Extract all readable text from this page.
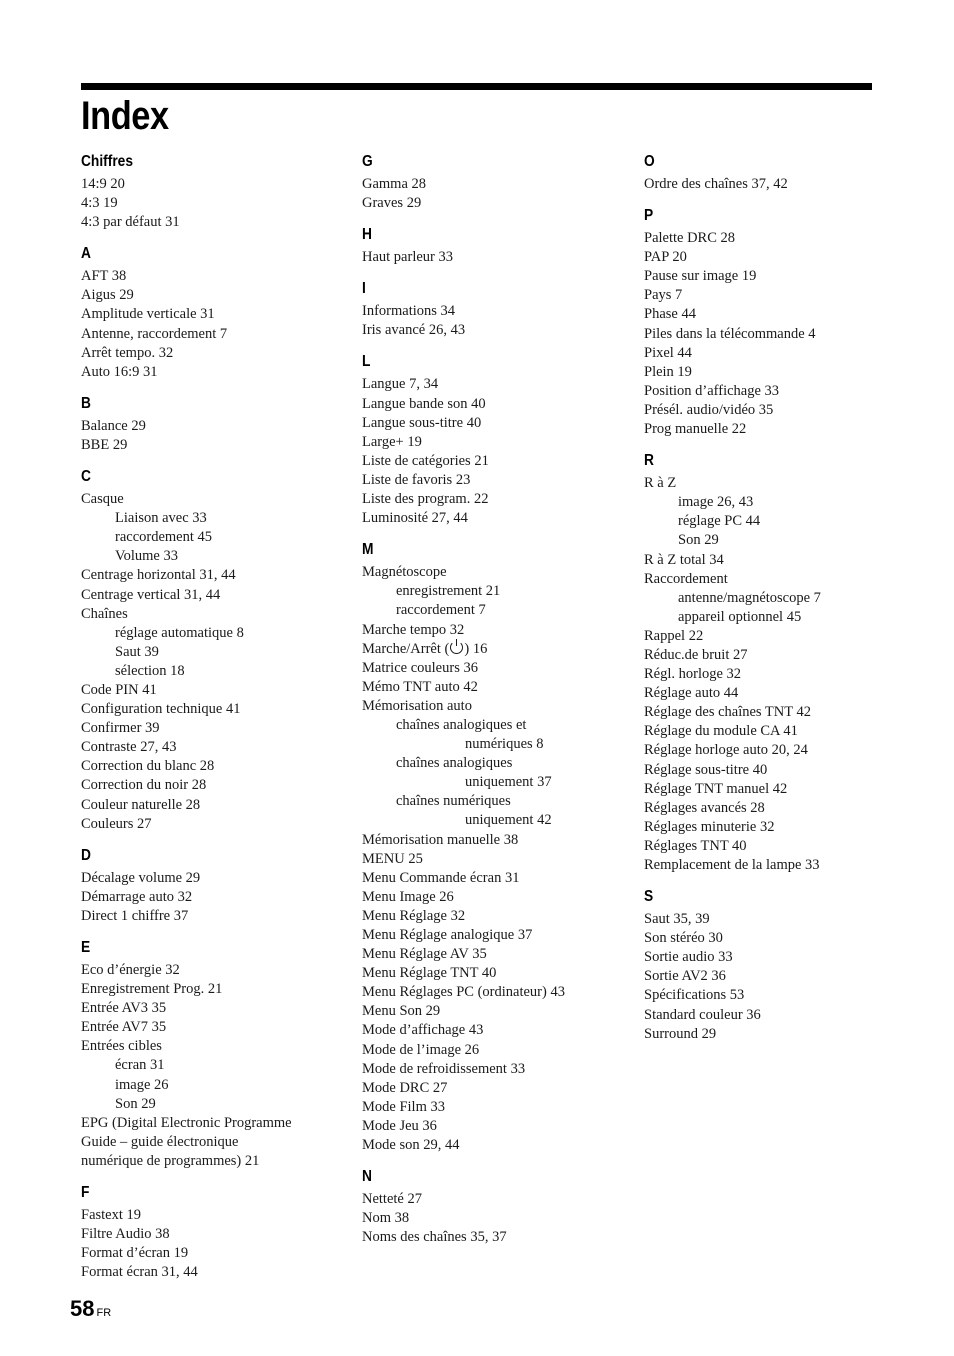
Index
Chiffres
14:9 20
4:3 19
4:3 par défaut 31
A
AFT 38
Aigus 29
Amplitude verticale 31
Antenne, raccordement 7
Arrêt tempo. 32
Auto 16:9 31
B
Balance 29
BBE 29
C
Casque
Liaison avec 33
raccordement 45
Volume 33
Centrage horizontal 31, 44
Centrage vertical 31, 44
Chaînes
réglage automatique 8
Saut 39
sélection 18
Code PIN 41
Configuration technique 41
Confirmer 39
Contraste 27, 43
Correction du blanc 28
Correction du noir 28
Couleur naturelle 28
Couleurs 27
D
Décalage volume 29
Démarrage auto 32
Direct 1 chiffre 37
E
Eco d’énergie 32
Enregistrement Prog. 21
Entrée AV3 35
Entrée AV7 35
Entrées cibles
écran 31
image 26
Son 29
EPG (Digital Electronic Programme
Guide – guide électronique
numérique de programmes) 21
F
Fastext 19
Filtre Audio 38
Format d’écran 19
Format écran 31, 44
G
Gamma 28
Graves 29
H
Haut parleur 33
I
Informations 34
Iris avancé 26, 43
L
Langue 7, 34
Langue bande son 40
Langue sous-titre 40
Large+ 19
Liste de catégories 21
Liste de favoris 23
Liste des program. 22
Luminosité 27, 44
M
Magnétoscope
enregistrement 21
raccordement 7
Marche tempo 32
Marche/Arrêt ( ) 16
Matrice couleurs 36
Mémo TNT auto 42
Mémorisation auto
chaînes analogiques et
numériques 8
chaînes analogiques
uniquement 37
chaînes numériques
uniquement 42
Mémorisation manuelle 38
MENU 25
Menu Commande écran 31
Menu Image 26
Menu Réglage 32
Menu Réglage analogique 37
Menu Réglage AV 35
Menu Réglage TNT 40
Menu Réglages PC (ordinateur) 43
Menu Son 29
Mode d’affichage 43
Mode de l’image 26
Mode de refroidissement 33
Mode DRC 27
Mode Film 33
Mode Jeu 36
Mode son 29, 44
N
Netteté 27
Nom 38
Noms des chaînes 35, 37
O
Ordre des chaînes 37, 42
P
Palette DRC 28
PAP 20
Pause sur image 19
Pays 7
Phase 44
Piles dans la télécommande 4
Pixel 44
Plein 19
Position d’affichage 33
Présél. audio/vidéo 35
Prog manuelle 22
R
R à Z
image 26, 43
réglage PC 44
Son 29
R à Z total 34
Raccordement
antenne/magnétoscope 7
appareil optionnel 45
Rappel 22
Réduc.de bruit 27
Régl. horloge 32
Réglage auto 44
Réglage des chaînes TNT 42
Réglage du module CA 41
Réglage horloge auto 20, 24
Réglage sous-titre 40
Réglage TNT manuel 42
Réglages avancés 28
Réglages minuterie 32
Réglages TNT 40
Remplacement de la lampe 33
S
Saut 35, 39
Son stéréo 30
Sortie audio 33
Sortie AV2 36
Spécifications 53
Standard couleur 36
Surround 29
58 FR
